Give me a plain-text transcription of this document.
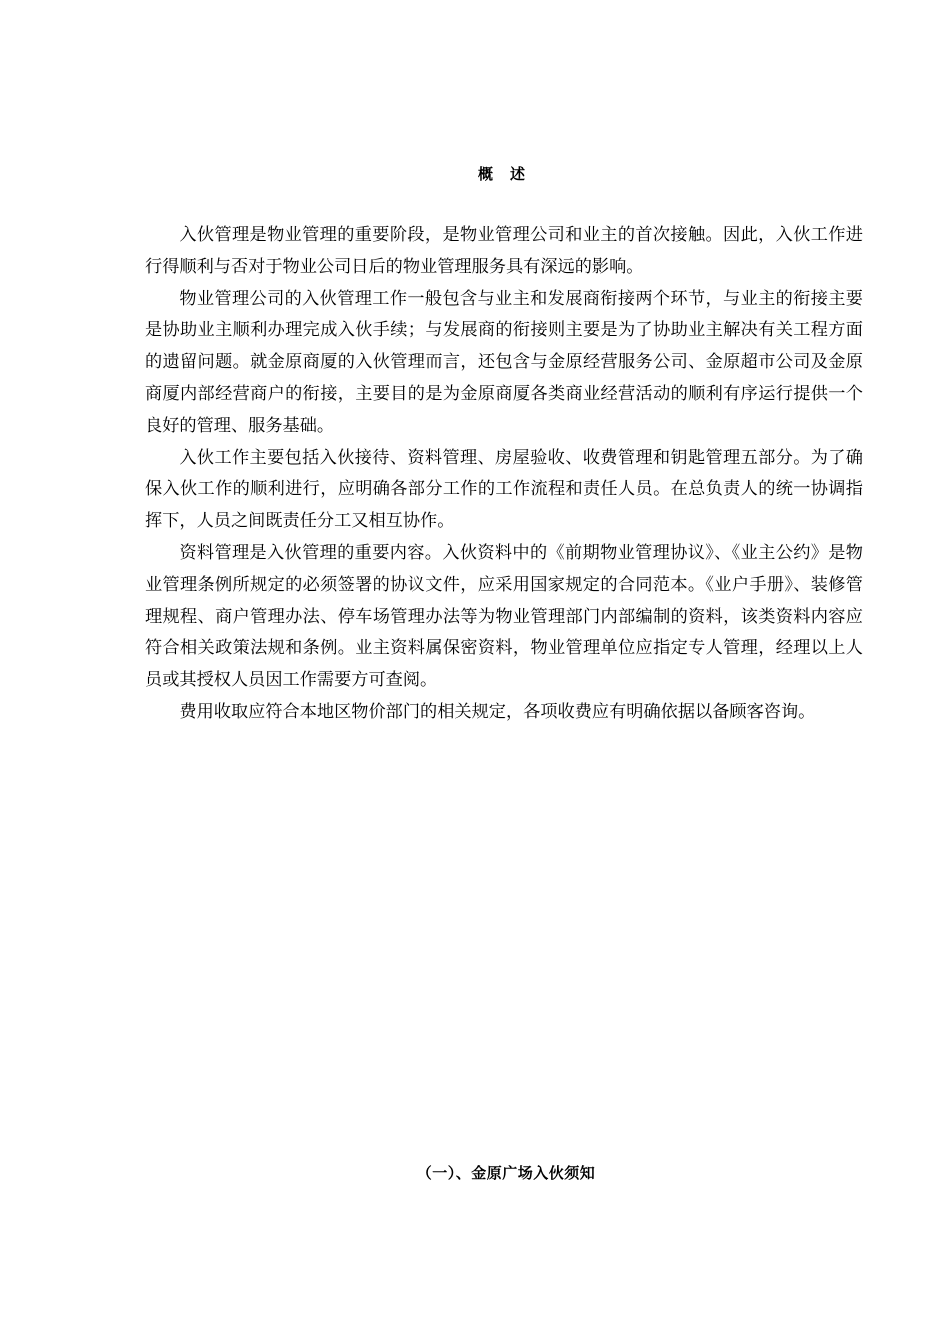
概 述

入伙管理是物业管理的重要阶段，是物业管理公司和业主的首次接触。因此，入伙工作进行得顺利与否对于物业公司日后的物业管理服务具有深远的影响。

物业管理公司的入伙管理工作一般包含与业主和发展商衔接两个环节，与业主的衔接主要是协助业主顺利办理完成入伙手续；与发展商的衔接则主要是为了协助业主解决有关工程方面的遗留问题。就金原商厦的入伙管理而言，还包含与金原经营服务公司、金原超市公司及金原商厦内部经营商户的衔接，主要目的是为金原商厦各类商业经营活动的顺利有序运行提供一个良好的管理、服务基础。

入伙工作主要包括入伙接待、资料管理、房屋验收、收费管理和钥匙管理五部分。为了确保入伙工作的顺利进行，应明确各部分工作的工作流程和责任人员。在总负责人的统一协调指挥下，人员之间既责任分工又相互协作。

资料管理是入伙管理的重要内容。入伙资料中的《前期物业管理协议》、《业主公约》是物业管理条例所规定的必须签署的协议文件，应采用国家规定的合同范本。《业户手册》、装修管理规程、商户管理办法、停车场管理办法等为物业管理部门内部编制的资料，该类资料内容应符合相关政策法规和条例。业主资料属保密资料，物业管理单位应指定专人管理，经理以上人员或其授权人员因工作需要方可查阅。

费用收取应符合本地区物价部门的相关规定，各项收费应有明确依据以备顾客咨询。

（一）、金原广场入伙须知
